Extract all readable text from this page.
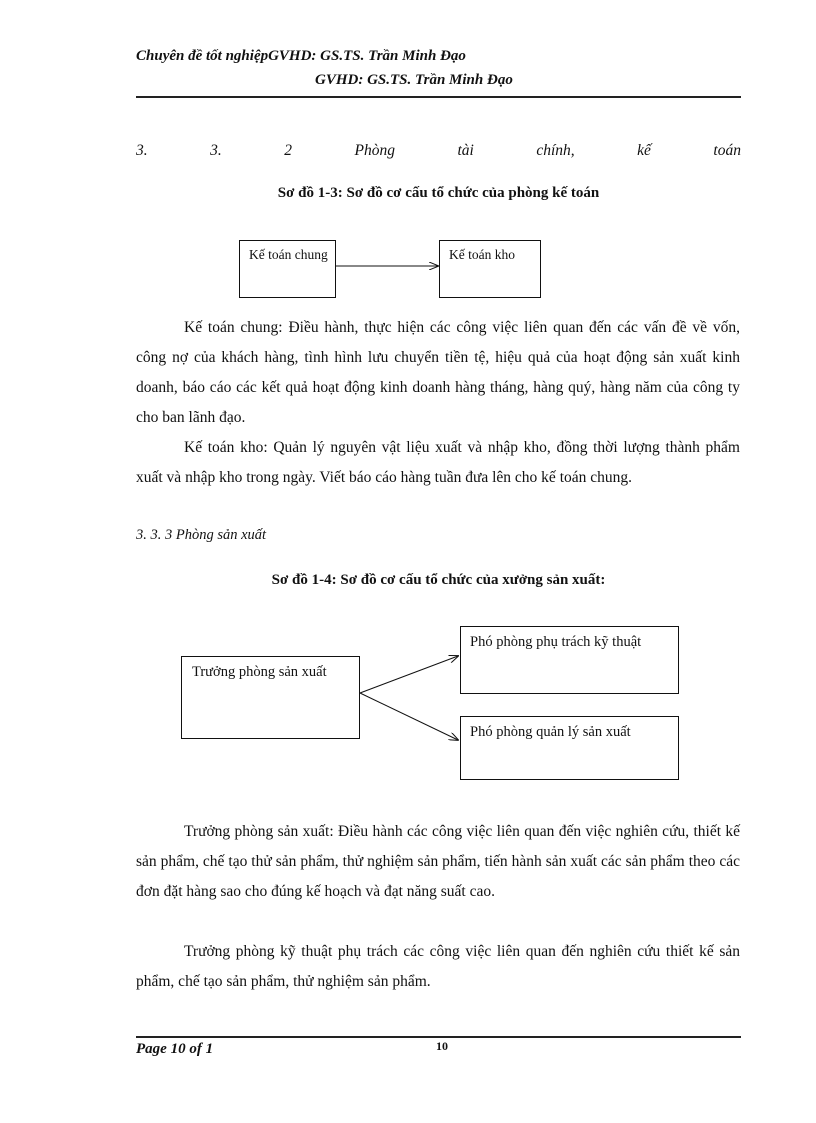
Chuyên đề tốt nghiệpGVHD: GS.TS. Trần Minh Đạo
GVHD: GS.TS. Trần Minh Đạo
3.	3.	2	Phòng	tài	chính,	kế	toán
Sơ đồ 1-3: Sơ đồ cơ cấu tổ chức của phòng kế toán
Kế toán chung	Kế toán kho
Kế toán chung: Điều hành, thực hiện các công việc liên quan đến các vấn đề về vốn, công nợ của khách hàng, tình hình lưu chuyển tiền tệ, hiệu quả của hoạt động sản xuất kinh doanh, báo cáo các kết quả hoạt động kinh doanh hàng tháng, hàng quý, hàng năm của công ty cho ban lãnh đạo.
Kế toán kho: Quản lý nguyên vật liệu xuất và nhập kho, đồng thời lượng thành phẩm xuất và nhập kho trong ngày. Viết báo cáo hàng tuần đưa lên cho kế toán chung.
3. 3. 3 Phòng sản xuất
Sơ đồ 1-4: Sơ đồ cơ cấu tổ chức của xưởng sản xuất:
Trưởng phòng sản xuất
Phó phòng phụ trách kỹ thuật
Phó phòng quản lý sản xuất
Trưởng phòng sản xuất: Điều hành các công việc liên quan đến việc nghiên cứu, thiết kế sản phẩm, chế tạo thử sản phẩm, thử nghiệm sản phẩm, tiến hành sản xuất các sản phẩm theo các đơn đặt hàng sao cho đúng kế hoạch và đạt năng suất cao.
Trưởng phòng kỹ thuật phụ trách các công việc liên quan đến nghiên cứu thiết kế sản phẩm, chế tạo sản phẩm, thử nghiệm sản phẩm.
Page 10 of 1	10
